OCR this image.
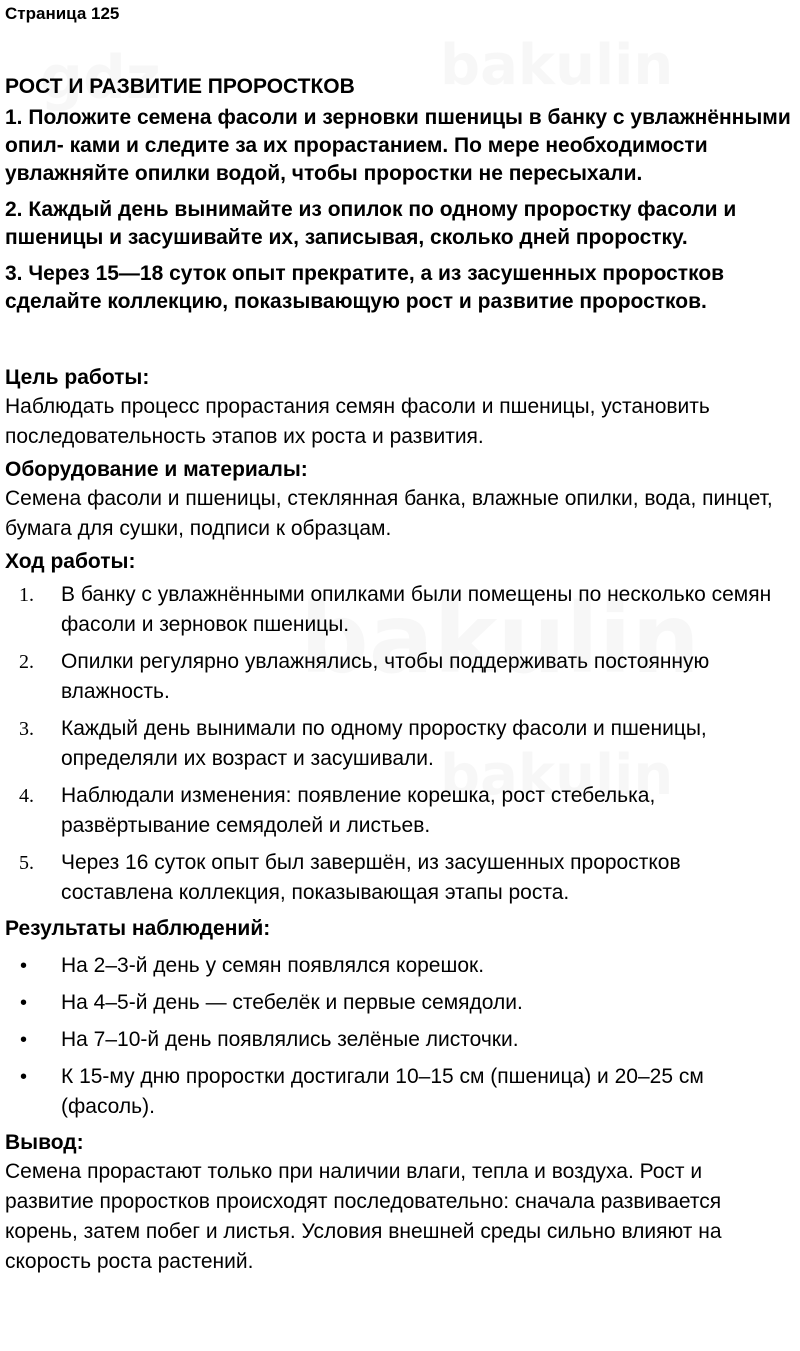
Страница 125
РОСТ И РАЗВИТИЕ ПРОРОСТКОВ
1. Положите семена фасоли и зерновки пшеницы в банку с увлажнёнными опил- ками и следите за их прорастанием. По мере необходимости увлажняйте опилки водой, чтобы проростки не пересыхали.
2. Каждый день вынимайте из опилок по одному проростку фасоли и пшеницы и засушивайте их, записывая, сколько дней проростку.
3. Через 15—18 суток опыт прекратите, а из засушенных проростков сделайте коллекцию, показывающую рост и развитие проростков.
Цель работы:
Наблюдать процесс прорастания семян фасоли и пшеницы, установить последовательность этапов их роста и развития.
Оборудование и материалы:
Семена фасоли и пшеницы, стеклянная банка, влажные опилки, вода, пинцет, бумага для сушки, подписи к образцам.
Ход работы:
1. В банку с увлажнёнными опилками были помещены по несколько семян фасоли и зерновок пшеницы.
2. Опилки регулярно увлажнялись, чтобы поддерживать постоянную влажность.
3. Каждый день вынимали по одному проростку фасоли и пшеницы, определяли их возраст и засушивали.
4. Наблюдали изменения: появление корешка, рост стебелька, развёртывание семядолей и листьев.
5. Через 16 суток опыт был завершён, из засушенных проростков составлена коллекция, показывающая этапы роста.
Результаты наблюдений:
• На 2–3-й день у семян появлялся корешок.
• На 4–5-й день — стебелёк и первые семядоли.
• На 7–10-й день появлялись зелёные листочки.
• К 15-му дню проростки достигали 10–15 см (пшеница) и 20–25 см (фасоль).
Вывод:
Семена прорастают только при наличии влаги, тепла и воздуха. Рост и развитие проростков происходят последовательно: сначала развивается корень, затем побег и листья. Условия внешней среды сильно влияют на скорость роста растений.
